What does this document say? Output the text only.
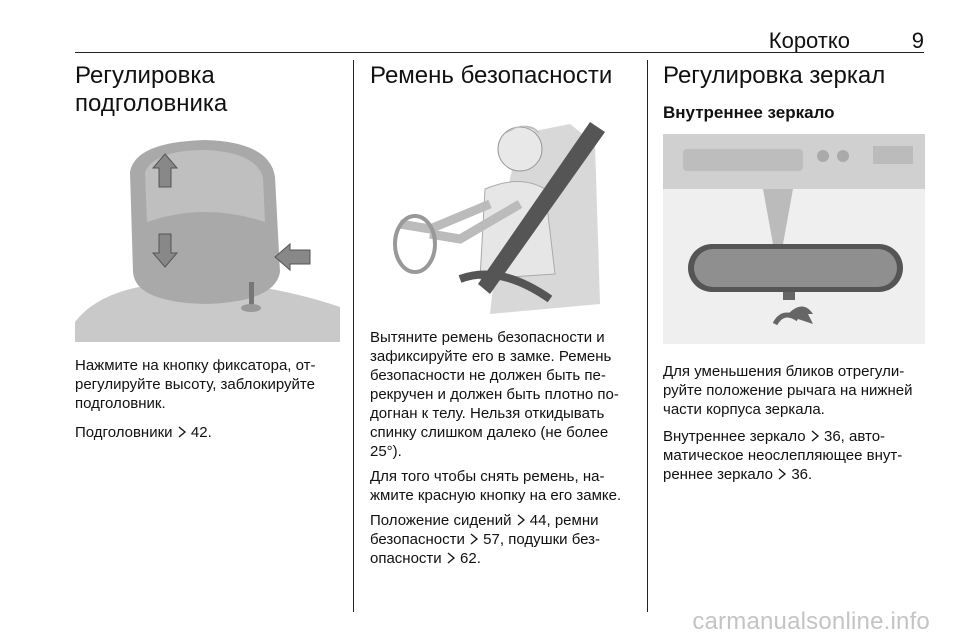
Коротко	9
Регулировка подголовника

Нажмите на кнопку фиксатора, отрегулируйте высоту, заблокируйте подголовник.

Подголовники 42.

Ремень безопасности

Вытяните ремень безопасности и зафиксируйте его в замке. Ремень безопасности не должен быть перекручен и должен быть плотно подогнан к телу. Нельзя откидывать спинку слишком далеко (не более 25°).

Для того чтобы снять ремень, нажмите красную кнопку на его замке.

Положение сидений 44, ремни безопасности 57, подушки безопасности 62.

Регулировка зеркал
Внутреннее зеркало

Для уменьшения бликов отрегулируйте положение рычага на нижней части корпуса зеркала.

Внутреннее зеркало 36, автоматическое неослепляющее внутреннее зеркало 36.

carmanualsonline.info
